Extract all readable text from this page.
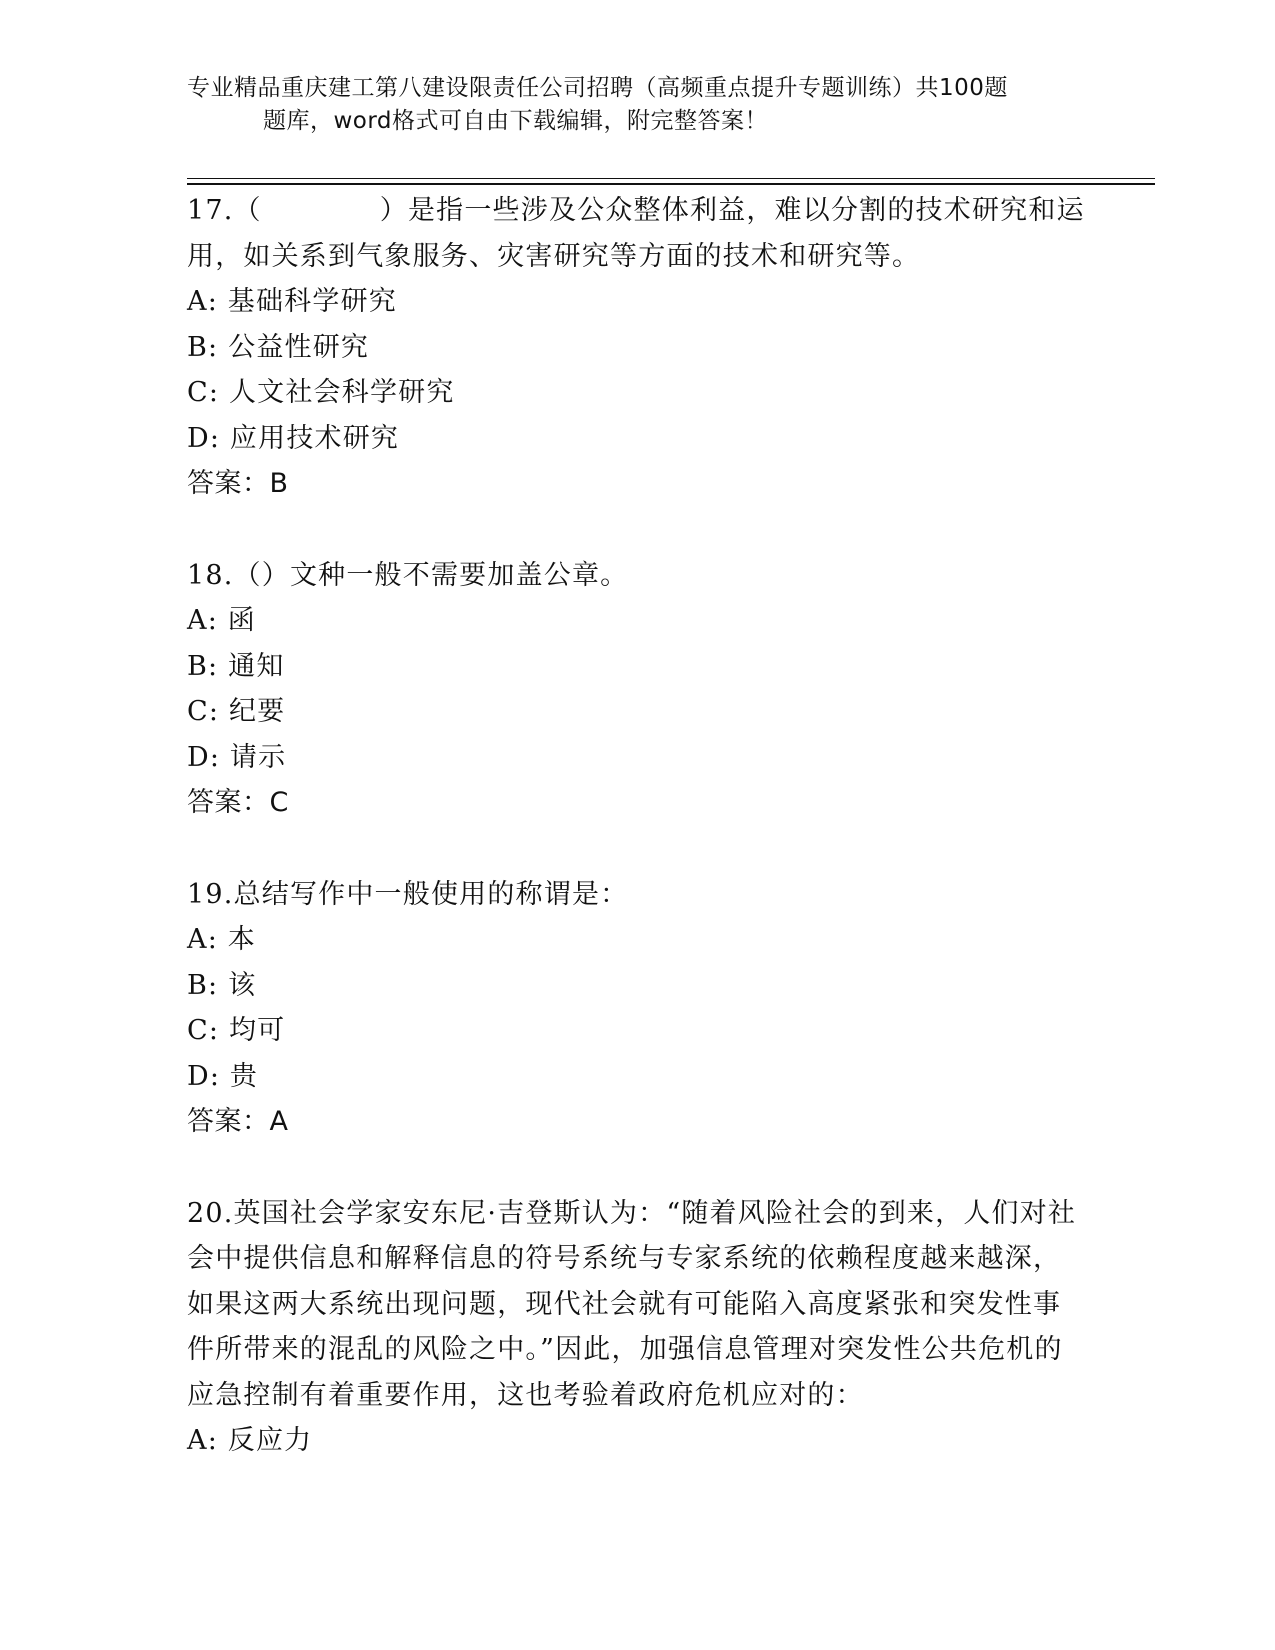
专业精品重庆建工第八建设限责任公司招聘（高频重点提升专题训练）共100题
题库，word格式可自由下载编辑，附完整答案！

17.（	）是指一些涉及公众整体利益，难以分割的技术研究和运用，如关系到气象服务、灾害研究等方面的技术和研究等。

A: 基础科学研究

B: 公益性研究

C: 人文社会科学研究

D: 应用技术研究

答案：B

18.（）文种一般不需要加盖公章。

A: 函

B: 通知

C: 纪要

D: 请示

答案：C

19.总结写作中一般使用的称谓是：

A: 本

B: 该

C: 均可

D: 贵

答案：A

20.英国社会学家安东尼·吉登斯认为：“随着风险社会的到来，人们对社会中提供信息和解释信息的符号系统与专家系统的依赖程度越来越深，如果这两大系统出现问题，现代社会就有可能陷入高度紧张和突发性事件所带来的混乱的风险之中。”因此，加强信息管理对突发性公共危机的应急控制有着重要作用，这也考验着政府危机应对的：

A: 反应力
